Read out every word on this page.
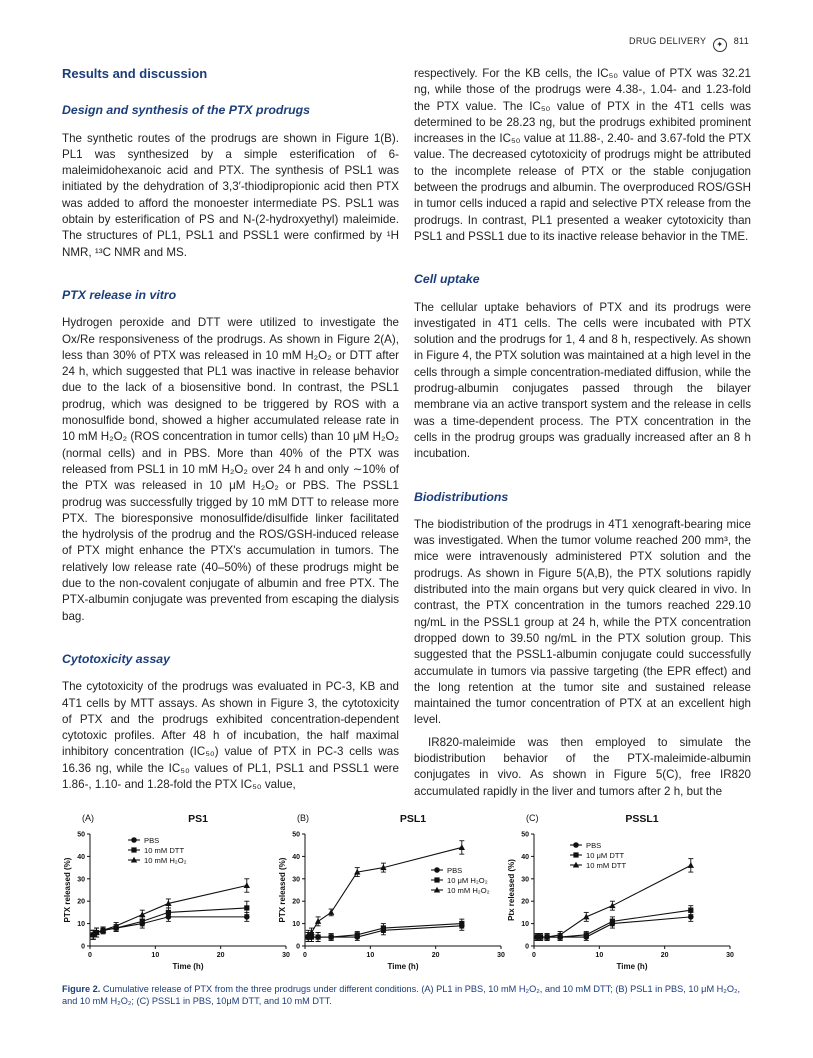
DRUG DELIVERY ✦ 811
Results and discussion
Design and synthesis of the PTX prodrugs

The synthetic routes of the prodrugs are shown in Figure 1(B). PL1 was synthesized by a simple esterification of 6-maleimidohexanoic acid and PTX. The synthesis of PSL1 was initiated by the dehydration of 3,3′-thiodipropionic acid then PTX was added to afford the monoester intermediate PS. PSL1 was obtain by esterification of PS and N-(2-hydroxyethyl) maleimide. The structures of PL1, PSL1 and PSSL1 were confirmed by ¹H NMR, ¹³C NMR and MS.

PTX release in vitro

Hydrogen peroxide and DTT were utilized to investigate the Ox/Re responsiveness of the prodrugs. As shown in Figure 2(A), less than 30% of PTX was released in 10 mM H₂O₂ or DTT after 24 h, which suggested that PL1 was inactive in release behavior due to the lack of a biosensitive bond. In contrast, the PSL1 prodrug, which was designed to be triggered by ROS with a monosulfide bond, showed a higher accumulated release rate in 10 mM H₂O₂ (ROS concentration in tumor cells) than 10 μM H₂O₂ (normal cells) and in PBS. More than 40% of the PTX was released from PSL1 in 10 mM H₂O₂ over 24 h and only ∼10% of the PTX was released in 10 μM H₂O₂ or PBS. The PSSL1 prodrug was successfully trigged by 10 mM DTT to release more PTX. The bioresponsive monosulfide/disulfide linker facilitated the hydrolysis of the prodrug and the ROS/GSH-induced release of PTX might enhance the PTX's accumulation in tumors. The relatively low release rate (40–50%) of these prodrugs might be due to the non-covalent conjugate of albumin and free PTX. The PTX-albumin conjugate was prevented from escaping the dialysis bag.

Cytotoxicity assay

The cytotoxicity of the prodrugs was evaluated in PC-3, KB and 4T1 cells by MTT assays. As shown in Figure 3, the cytotoxicity of PTX and the prodrugs exhibited concentration-dependent cytotoxic profiles. After 48 h of incubation, the half maximal inhibitory concentration (IC₅₀) value of PTX in PC-3 cells was 16.36 ng, while the IC₅₀ values of PL1, PSL1 and PSSL1 were 1.86-, 1.10- and 1.28-fold the PTX IC₅₀ value,

respectively. For the KB cells, the IC₅₀ value of PTX was 32.21 ng, while those of the prodrugs were 4.38-, 1.04- and 1.23-fold the PTX value. The IC₅₀ value of PTX in the 4T1 cells was determined to be 28.23 ng, but the prodrugs exhibited prominent increases in the IC₅₀ value at 11.88-, 2.40- and 3.67-fold the PTX value. The decreased cytotoxicity of prodrugs might be attributed to the incomplete release of PTX or the stable conjugation between the prodrugs and albumin. The overproduced ROS/GSH in tumor cells induced a rapid and selective PTX release from the prodrugs. In contrast, PL1 presented a weaker cytotoxicity than PSL1 and PSSL1 due to its inactive release behavior in the TME.

Cell uptake

The cellular uptake behaviors of PTX and its prodrugs were investigated in 4T1 cells. The cells were incubated with PTX solution and the prodrugs for 1, 4 and 8 h, respectively. As shown in Figure 4, the PTX solution was maintained at a high level in the cells through a simple concentration-mediated diffusion, while the prodrug-albumin conjugates passed through the bilayer membrane via an active transport system and the release in cells was a time-dependent process. The PTX concentration in the cells in the prodrug groups was gradually increased after an 8 h incubation.

Biodistributions

The biodistribution of the prodrugs in 4T1 xenograft-bearing mice was investigated. When the tumor volume reached 200 mm³, the mice were intravenously administered PTX solution and the prodrugs. As shown in Figure 5(A,B), the PTX solutions rapidly distributed into the main organs but very quick cleared in vivo. In contrast, the PTX concentration in the tumors reached 229.10 ng/mL in the PSSL1 group at 24 h, while the PTX concentration dropped down to 39.50 ng/mL in the PTX solution group. This suggested that the PSSL1-albumin conjugate could successfully accumulate in tumors via passive targeting (the EPR effect) and the long retention at the tumor site and sustained release maintained the tumor concentration of PTX at an excellent high level.

IR820-maleimide was then employed to simulate the biodistribution behavior of the PTX-maleimide-albumin conjugates in vivo. As shown in Figure 5(C), free IR820 accumulated rapidly in the liver and tumors after 2 h, but the

(A)	PS1
0
10
20
30
40
50
0	10	20	30
Time (h)
PTX released (%)
PBS
10 mM DTT
10 mM H₂O₂
(B)	PSL1
0
10
20
30
40
50
0	10	20	30
Time (h)
PTX released (%)	PBS
10 μM H₂O₂
10 mM H₂O₂
(C)	PSSL1
0
10
20
30
40
50
0	10	20	30
Time (h)
Ptx released (%)
PBS
10 μM DTT
10 mM DTT
Figure 2. Cumulative release of PTX from the three prodrugs under different conditions. (A) PL1 in PBS, 10 mM H₂O₂, and 10 mM DTT; (B) PSL1 in PBS, 10 μM H₂O₂, and 10 mM H₂O₂; (C) PSSL1 in PBS, 10μM DTT, and 10 mM DTT.
